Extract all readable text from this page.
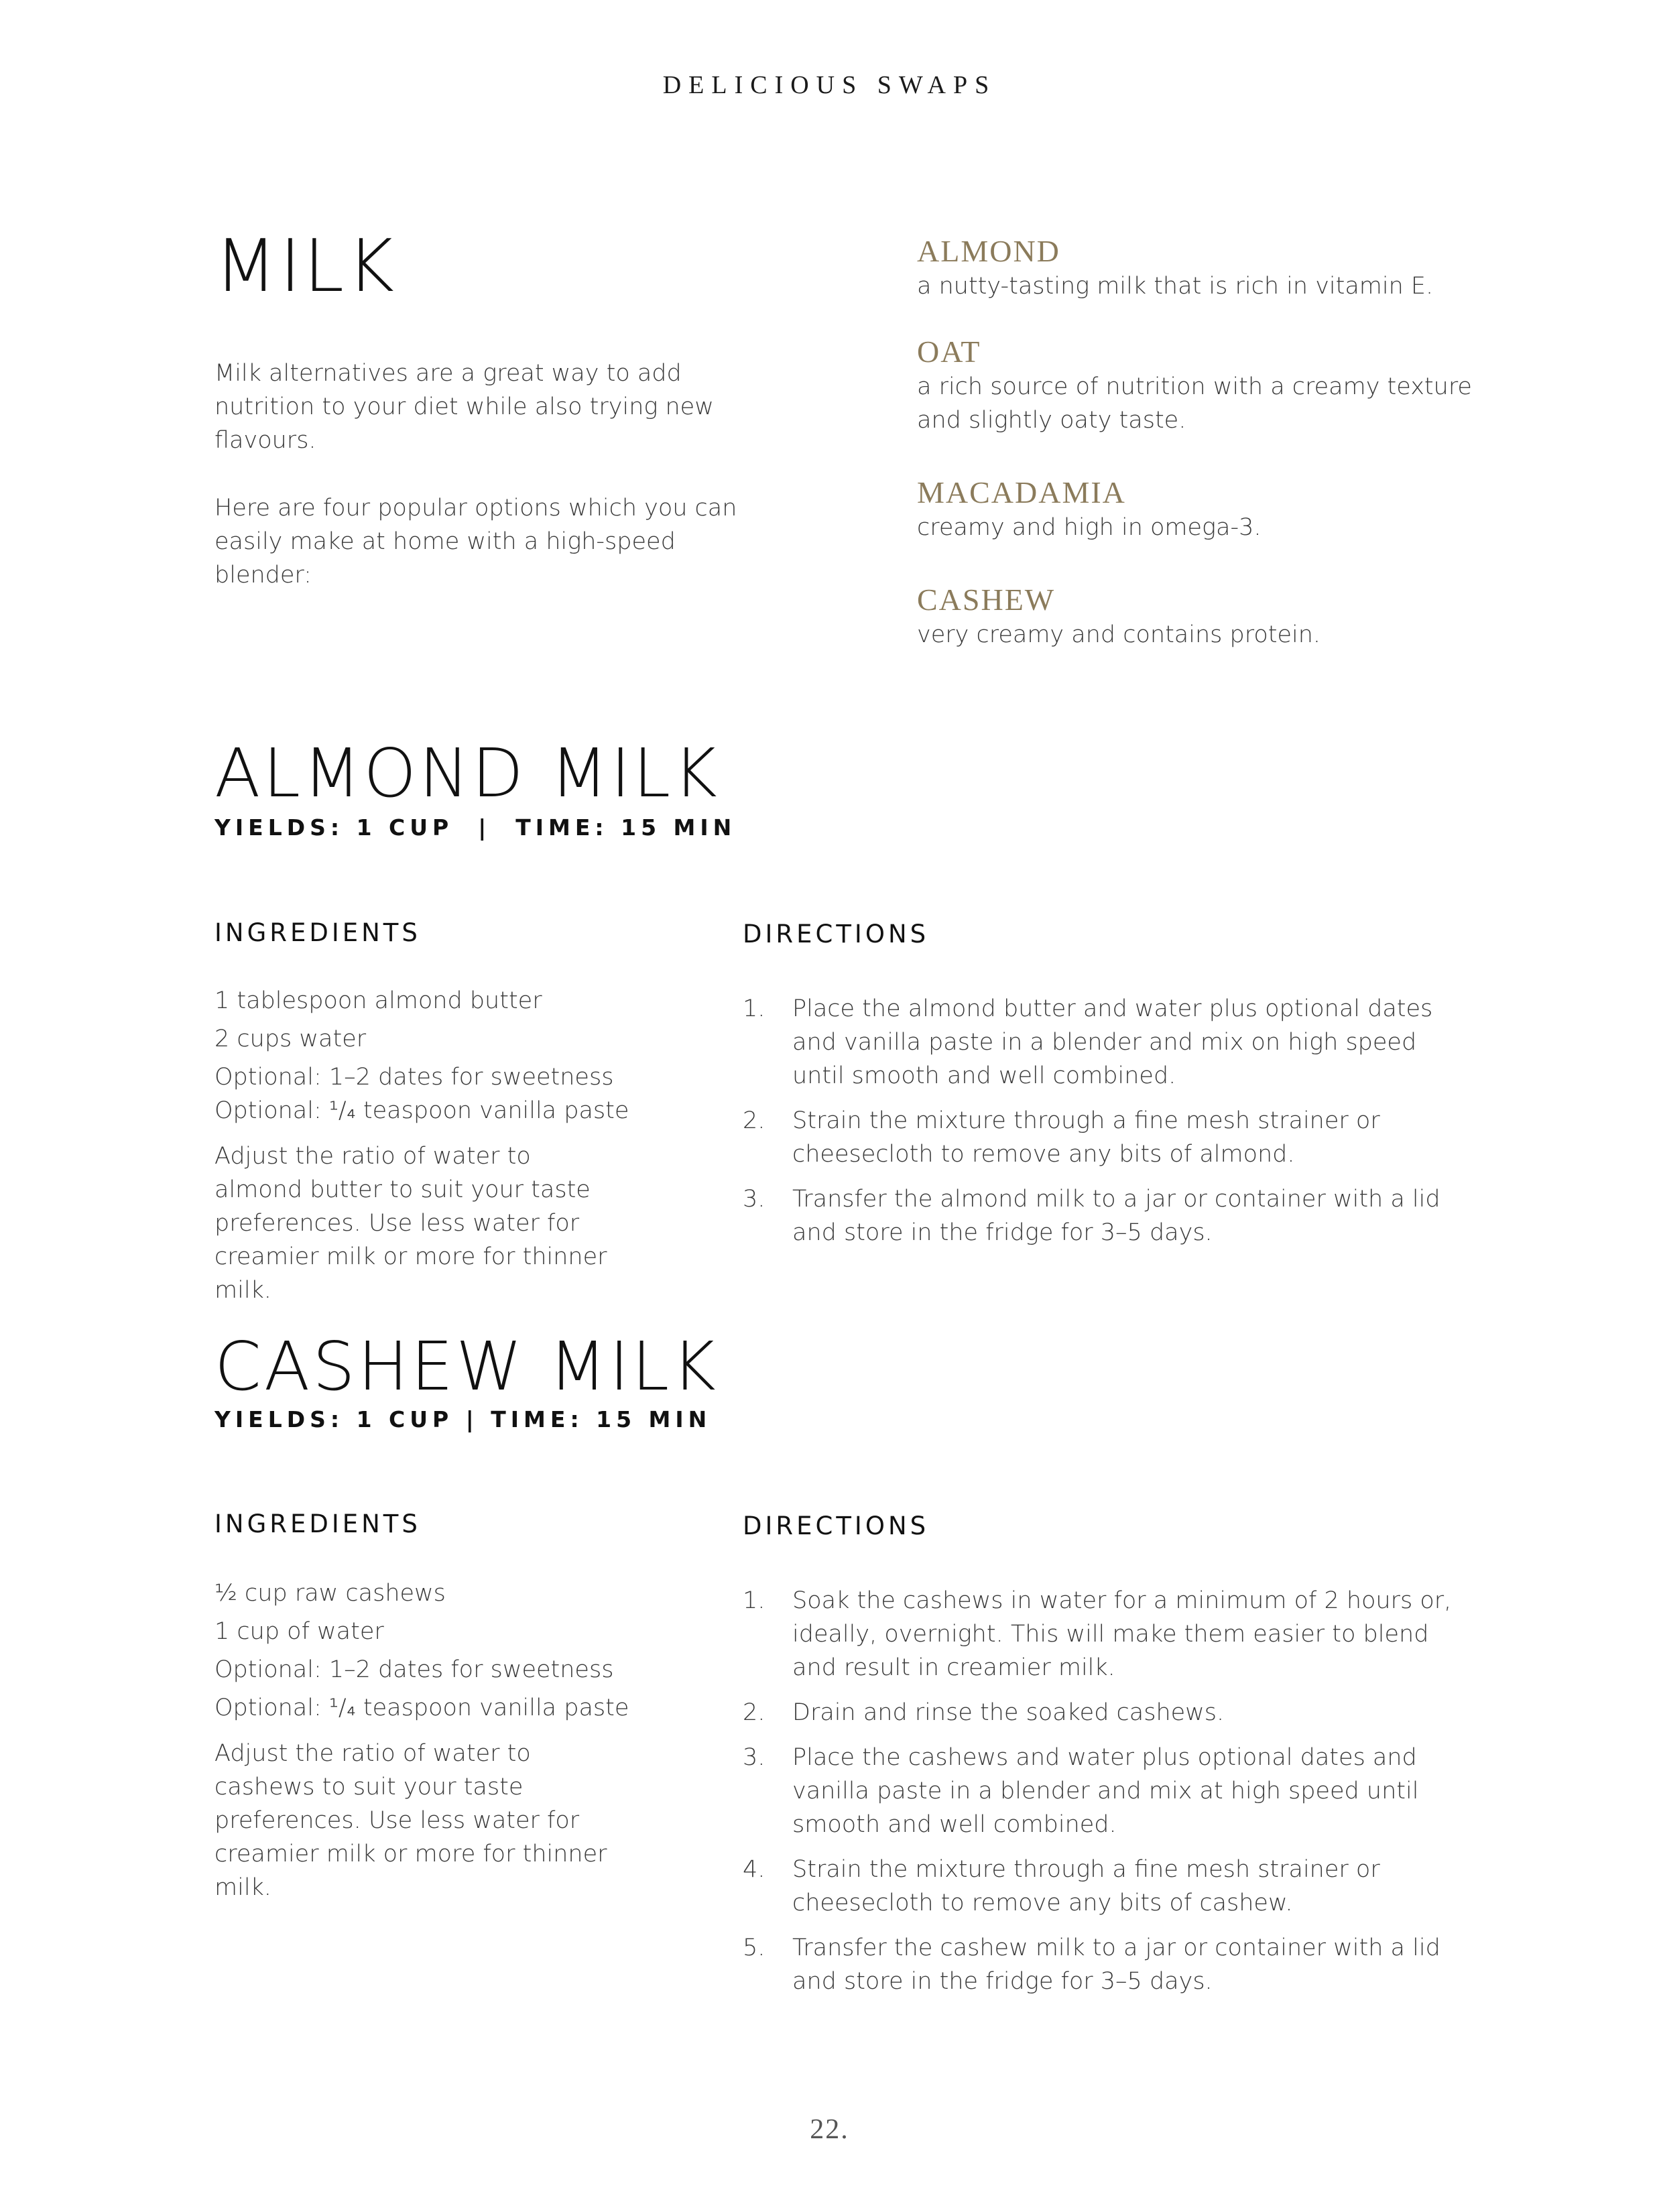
DELICIOUS SWAPS
MILK

Milk alternatives are a great way to add nutrition to your diet while also trying new flavours.

Here are four popular options which you can easily make at home with a high-speed blender:

ALMOND
a nutty-tasting milk that is rich in vitamin E.
OAT
a rich source of nutrition with a creamy texture and slightly oaty taste.
MACADAMIA
creamy and high in omega-3.
CASHEW
very creamy and contains protein.
ALMOND MILK
YIELDS: 1 CUP  |  TIME: 15 MIN
INGREDIENTS	DIRECTIONS
1 tablespoon almond butter
2 cups water
Optional: 1–2 dates for sweetness
Optional: ¹/₄ teaspoon vanilla paste
Adjust the ratio of water to almond butter to suit your taste preferences. Use less water for creamier milk or more for thinner milk.
1.	Place the almond butter and water plus optional dates and vanilla paste in a blender and mix on high speed until smooth and well combined.
2.	Strain the mixture through a fine mesh strainer or cheesecloth to remove any bits of almond.
3.	Transfer the almond milk to a jar or container with a lid and store in the fridge for 3–5 days.
CASHEW MILK
YIELDS: 1 CUP | TIME: 15 MIN
INGREDIENTS	DIRECTIONS
½ cup raw cashews
1 cup of water
Optional: 1–2 dates for sweetness
Optional: ¹/₄ teaspoon vanilla paste
Adjust the ratio of water to cashews to suit your taste preferences. Use less water for creamier milk or more for thinner milk.
1.	Soak the cashews in water for a minimum of 2 hours or, ideally, overnight. This will make them easier to blend and result in creamier milk.
2.	Drain and rinse the soaked cashews.
3.	Place the cashews and water plus optional dates and vanilla paste in a blender and mix at high speed until smooth and well combined.
4.	Strain the mixture through a fine mesh strainer or cheesecloth to remove any bits of cashew.
5.	Transfer the cashew milk to a jar or container with a lid and store in the fridge for 3–5 days.
22.
